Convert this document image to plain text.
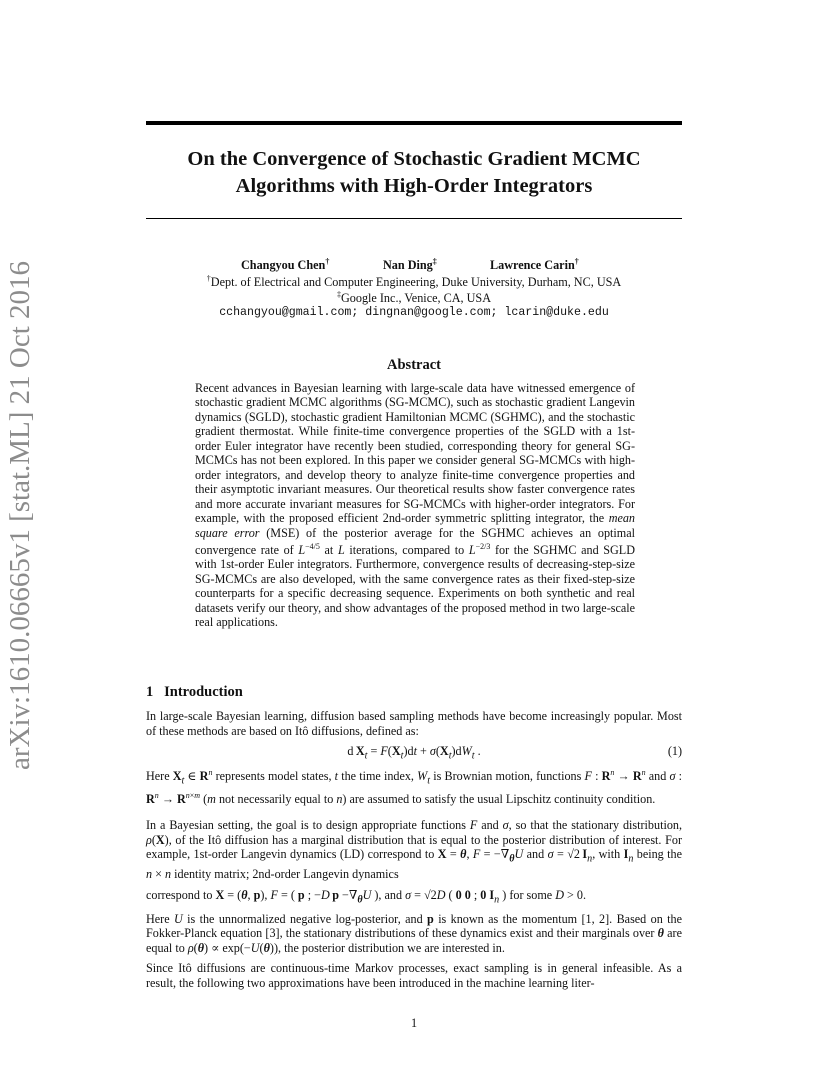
arXiv:1610.06665v1 [stat.ML] 21 Oct 2016
On the Convergence of Stochastic Gradient MCMC
Algorithms with High-Order Integrators
Changyou Chen†	Nan Ding‡	Lawrence Carin†
†Dept. of Electrical and Computer Engineering, Duke University, Durham, NC, USA
‡Google Inc., Venice, CA, USA
cchangyou@gmail.com; dingnan@google.com; lcarin@duke.edu
Abstract
Recent advances in Bayesian learning with large-scale data have witnessed emergence of stochastic gradient MCMC algorithms (SG-MCMC), such as stochastic gradient Langevin dynamics (SGLD), stochastic gradient Hamiltonian MCMC (SGHMC), and the stochastic gradient thermostat. While finite-time convergence properties of the SGLD with a 1st-order Euler integrator have recently been studied, corresponding theory for general SG-MCMCs has not been explored. In this paper we consider general SG-MCMCs with high-order integrators, and develop theory to analyze finite-time convergence properties and their asymptotic invariant measures. Our theoretical results show faster convergence rates and more accurate invariant measures for SG-MCMCs with higher-order integrators. For example, with the proposed efficient 2nd-order symmetric splitting integrator, the mean square error (MSE) of the posterior average for the SGHMC achieves an optimal convergence rate of $L^{-4/5}$ at L iterations, compared to $L^{-2/3}$ for the SGHMC and SGLD with 1st-order Euler integrators. Furthermore, convergence results of decreasing-step-size SG-MCMCs are also developed, with the same convergence rates as their fixed-step-size counterparts for a specific decreasing sequence. Experiments on both synthetic and real datasets verify our theory, and show advantages of the proposed method in two large-scale real applications.
1 Introduction
In large-scale Bayesian learning, diffusion based sampling methods have become increasingly popular. Most of these methods are based on Itô diffusions, defined as:
d $X_t = F(X_t)dt + \sigma(X_t)dW_t$ .	(1)
Here $X_t$ ∈ $R^n$ represents model states, t the time index, $W_t$ is Brownian motion, functions F : $R^n \to R^n$ and σ : $R^n \to R^{n\times m}$ (m not necessarily equal to n) are assumed to satisfy the usual Lipschitz continuity condition.
In a Bayesian setting, the goal is to design appropriate functions F and σ, so that the stationary distribution, ρ(X), of the Itô diffusion has a marginal distribution that is equal to the posterior distribution of interest. For example, 1st-order Langevin dynamics (LD) correspond to X = θ, $F = -\nabla_\theta U$ and σ = √2 $I_n$, with $I_n$ being the n × n identity matrix; 2nd-order Langevin dynamics
correspond to X = (θ, p), F = ( p ; −D  $p -\nabla_\theta U$ ), and σ = √2D ( 0 0 ; 0 $I_n$ ) for some D > 0.
Here U is the unnormalized negative log-posterior, and p is known as the momentum [1, 2]. Based on the Fokker-Planck equation [3], the stationary distributions of these dynamics exist and their marginals over θ are equal to ρ(θ) ∝ exp(−U(θ)), the posterior distribution we are interested in.
Since Itô diffusions are continuous-time Markov processes, exact sampling is in general infeasible. As a result, the following two approximations have been introduced in the machine learning liter-
1
